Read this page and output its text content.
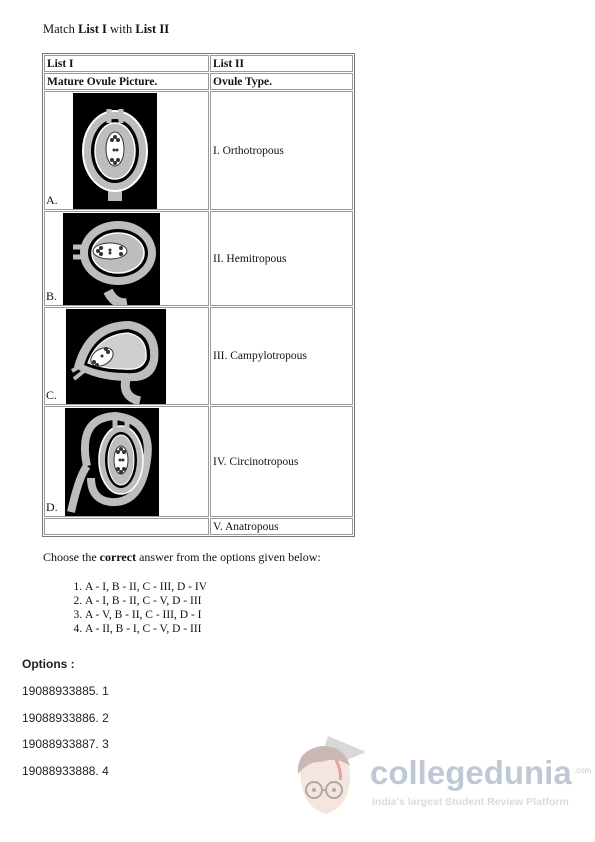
Match List I with List II
List I	List II
Mature Ovule Picture.	Ovule Type.

A.	I. Orthotropous

B.	II. Hemitropous

C.	III. Campylotropous

D.	IV. Circinotropous
	V. Anatropous
Choose the correct answer from the options given below:
1. A - I, B - II, C - III, D - IV
2. A - I, B - II, C - V, D - III
3. A - V, B - II, C - III, D - I
4. A - II, B - I, C - V, D - III
Options :
19088933885. 1
19088933886. 2
19088933887. 3
19088933888. 4	collegedunia .com
India's largest Student Review Platform
